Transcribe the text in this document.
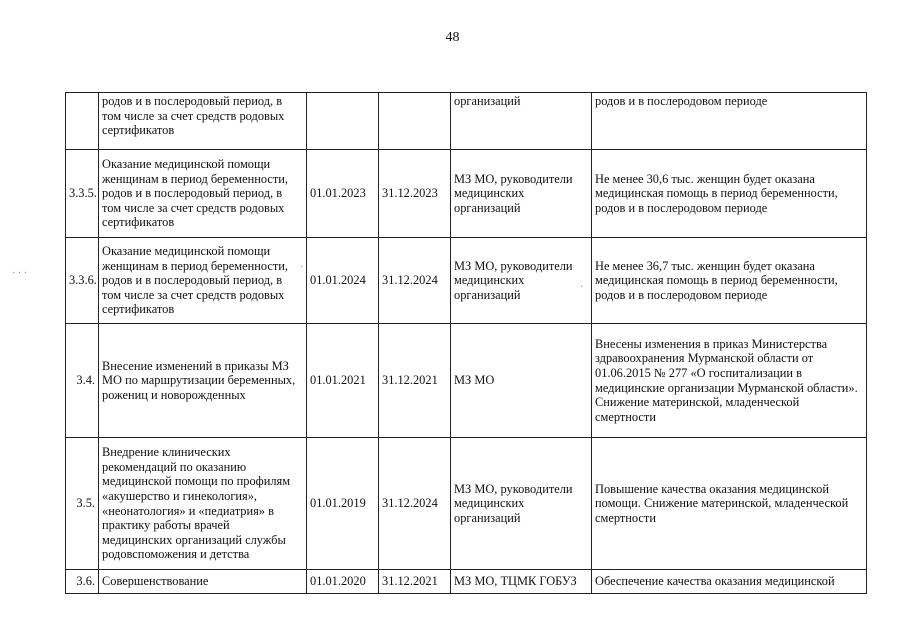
48
	родов и в послеродовый период, в том числе за счет средств родовых сертификатов			организаций	родов и в послеродовом периоде
3.3.5.	Оказание медицинской помощи женщинам в период беременности, родов и в послеродовый период, в том числе за счет средств родовых сертификатов	01.01.2023	31.12.2023	МЗ МО, руководители медицинских организаций	Не менее 30,6 тыс. женщин будет оказана медицинская помощь в период беременности, родов и в послеродовом периоде
3.3.6.	Оказание медицинской помощи женщинам в период беременности, родов и в послеродовый период, в том числе за счет средств родовых сертификатов	01.01.2024	31.12.2024	МЗ МО, руководители медицинских организаций	Не менее 36,7 тыс. женщин будет оказана медицинская помощь в период беременности, родов и в послеродовом периоде
3.4.	Внесение изменений в приказы МЗ МО по маршрутизации беременных, рожениц и новорожденных	01.01.2021	31.12.2021	МЗ МО	Внесены изменения в приказ Министерства здравоохранения Мурманской области от 01.06.2015 № 277 «О госпитализации в медицинские организации Мурманской области». Снижение материнской, младенческой смертности
3.5.	Внедрение клинических рекомендаций по оказанию медицинской помощи по профилям «акушерство и гинекология», «неонатология» и «педиатрия» в практику работы врачей медицинских организаций службы родовспоможения и детства	01.01.2019	31.12.2024	МЗ МО, руководители медицинских организаций	Повышение качества оказания медицинской помощи. Снижение материнской, младенческой смертности
3.6.	Совершенствование	01.01.2020	31.12.2021	МЗ МО, ТЦМК ГОБУЗ	Обеспечение качества оказания медицинской
· · ·
·
·
